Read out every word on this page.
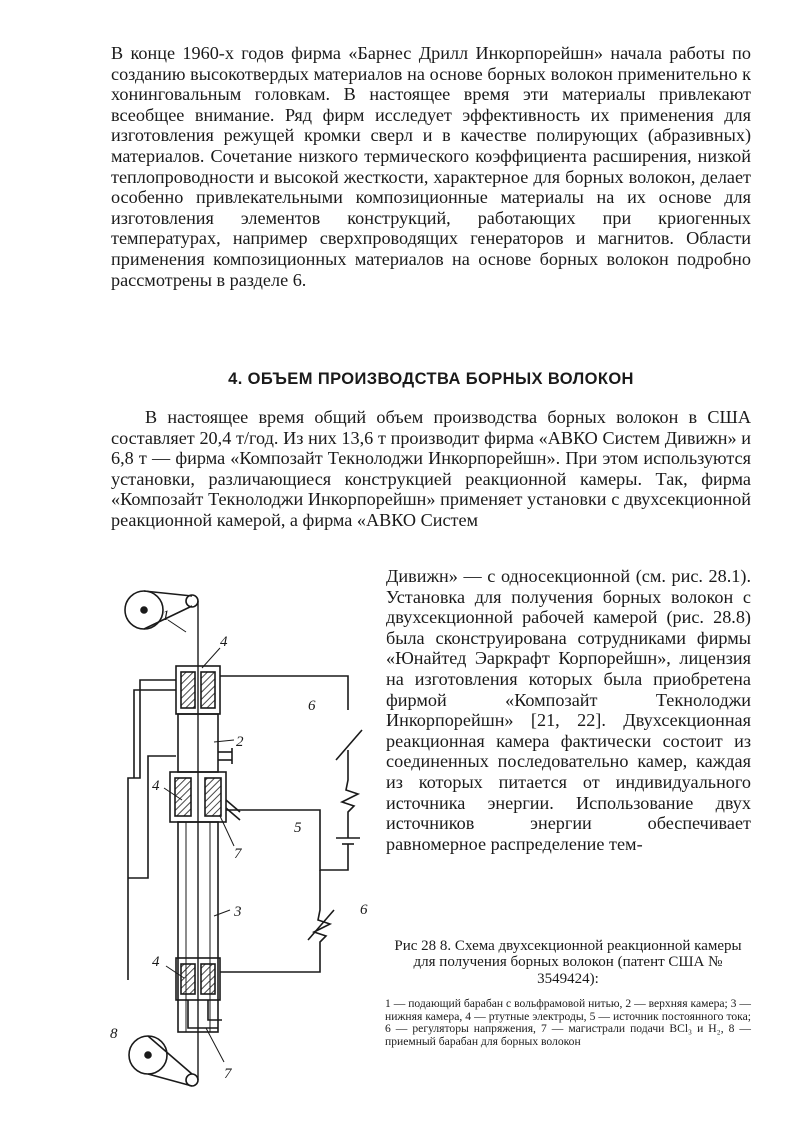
В конце 1960-х годов фирма «Барнес Дрилл Инкорпорейшн» начала работы по созданию высокотвердых материалов на основе борных волокон применительно к хонинговальным головкам. В настоящее время эти материалы привлекают всеобщее внимание. Ряд фирм исследует эффективность их применения для изготовления режущей кромки сверл и в качестве полирующих (абразивных) материалов. Сочетание низкого термического коэффициента расширения, низкой теплопроводности и высокой жесткости, характерное для борных волокон, делает особенно привлекательными композиционные материалы на их основе для изготовления элементов конструкций, работающих при криогенных температурах, например сверхпроводящих генераторов и магнитов. Области применения композиционных материалов на основе борных волокон подробно рассмотрены в разделе 6.

4. ОБЪЕМ ПРОИЗВОДСТВА БОРНЫХ ВОЛОКОН

В настоящее время общий объем производства борных волокон в США составляет 20,4 т/год. Из них 13,6 т производит фирма «АВКО Систем Дивижн» и 6,8 т — фирма «Композайт Текнолоджи Инкорпорейшн». При этом используются установки, различающиеся конструкцией реакционной камеры. Так, фирма «Композайт Текнолоджи Инкорпорейшн» применяет установки с двухсекционной реакционной камерой, а фирма «АВКО Систем

Дивижн» — с односекционной (см. рис. 28.1). Установка для получения борных волокон с двухсекционной рабочей камерой (рис. 28.8) была сконструирована сотрудниками фирмы «Юнайтед Эаркрафт Корпорейшн», лицензия на изготовления которых была приобретена фирмой «Композайт Текнолоджи Инкорпорейшн» [21, 22]. Двухсекционная реакционная камера фактически состоит из соединенных последовательно камер, каждая из которых питается от индивидуального источника энергии. Использование двух источников энергии обеспечивает равномерное распределение тем-

1
4
6
2
4
5
7
3	6
4
8
7

Рис 28 8. Схема двухсекционной реакционной камеры для получения борных волокон (патент США № 3549424):

1 — подающий барабан с вольфрамовой нитью, 2 — верхняя камера; 3 — нижняя камера, 4 — ртутные электроды, 5 — источник постоянного тока; 6 — регуляторы напряжения, 7 — магистрали подачи BCl₃ и H₂, 8 — приемный барабан для борных волокон
